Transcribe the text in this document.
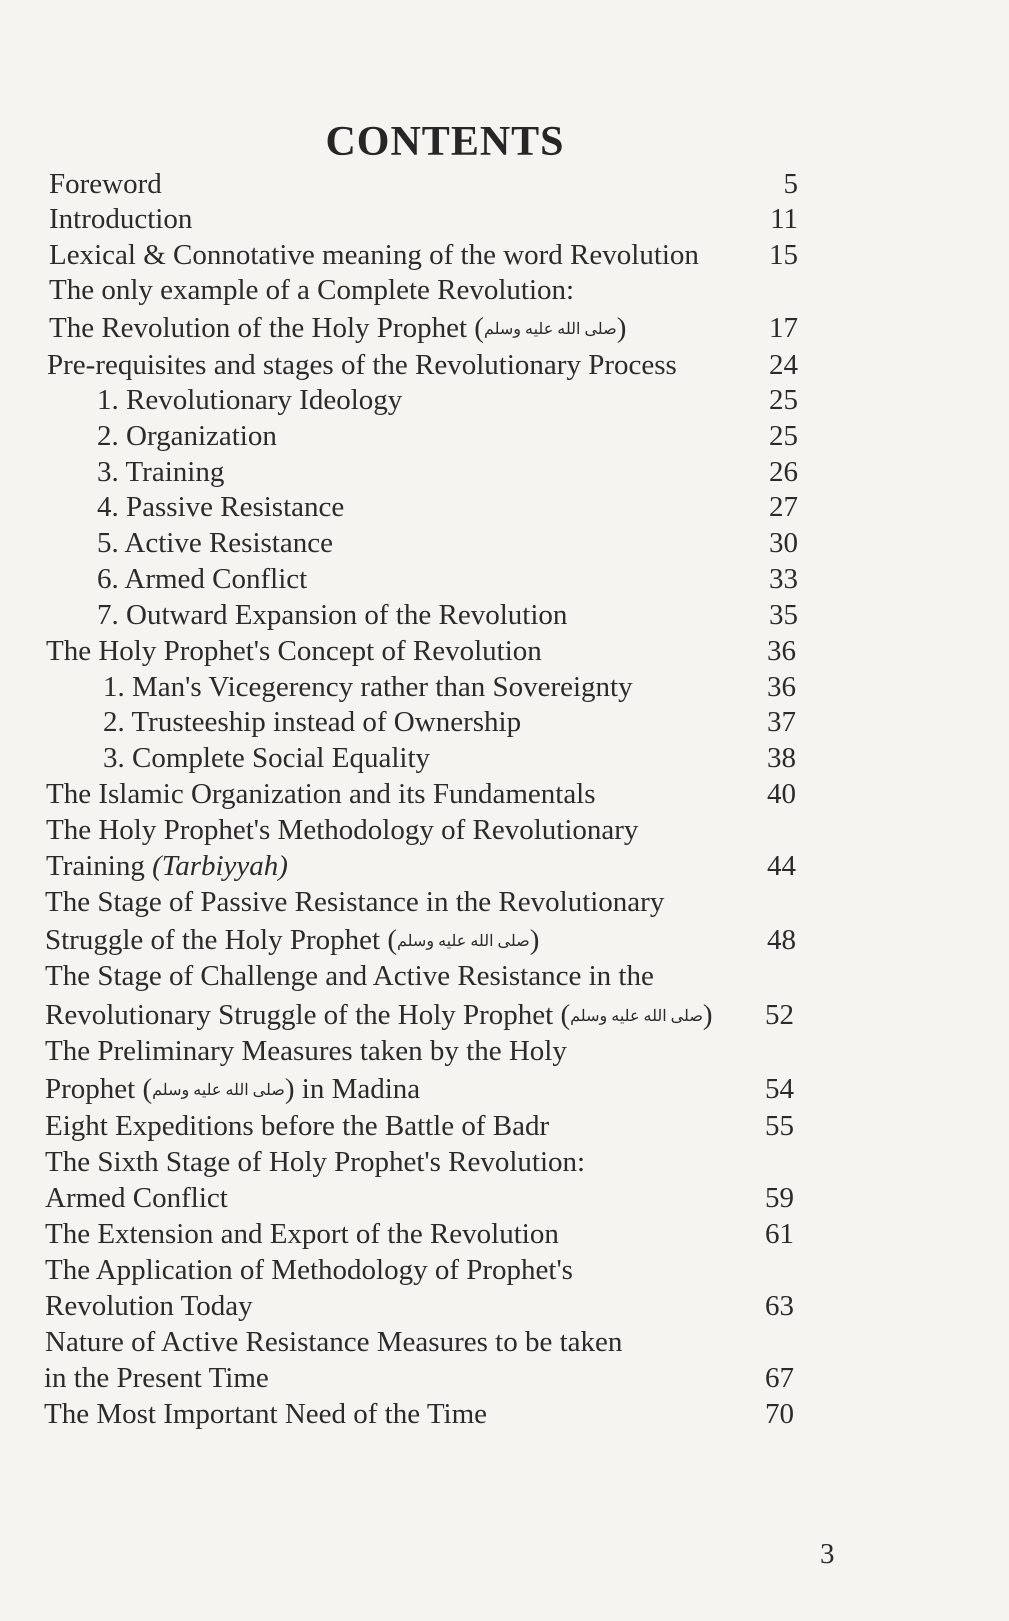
CONTENTS
Foreword	5
Introduction	11
Lexical & Connotative meaning of the word Revolution 15
The only example of a Complete Revolution:
The Revolution of the Holy Prophet (صلى الله عليه وسلم)	17
Pre-requisites and stages of the Revolutionary Process	24
1. Revolutionary Ideology	25
2. Organization	25
3. Training	26
4. Passive Resistance	27
5. Active Resistance	30
6. Armed Conflict	33
7. Outward Expansion of the Revolution	35
The Holy Prophet's Concept of Revolution	36
1. Man's Vicegerency rather than Sovereignty	36
2. Trusteeship instead of Ownership	37
3. Complete Social Equality	38
The Islamic Organization and its Fundamentals	40
The Holy Prophet's Methodology of Revolutionary
Training (Tarbiyyah)	44
The Stage of Passive Resistance in the Revolutionary
Struggle of the Holy Prophet (صلى الله عليه وسلم)	48
The Stage of Challenge and Active Resistance in the
Revolutionary Struggle of the Holy Prophet (صلى الله عليه وسلم) 52
The Preliminary Measures taken by the Holy
Prophet (صلى الله عليه وسلم) in Madina	54
Eight Expeditions before the Battle of Badr	55
The Sixth Stage of Holy Prophet's Revolution:
Armed Conflict	59
The Extension and Export of the Revolution	61
The Application of Methodology of Prophet's
Revolution Today	63
Nature of Active Resistance Measures to be taken
in the Present Time	67
The Most Important Need of the Time	70
3
